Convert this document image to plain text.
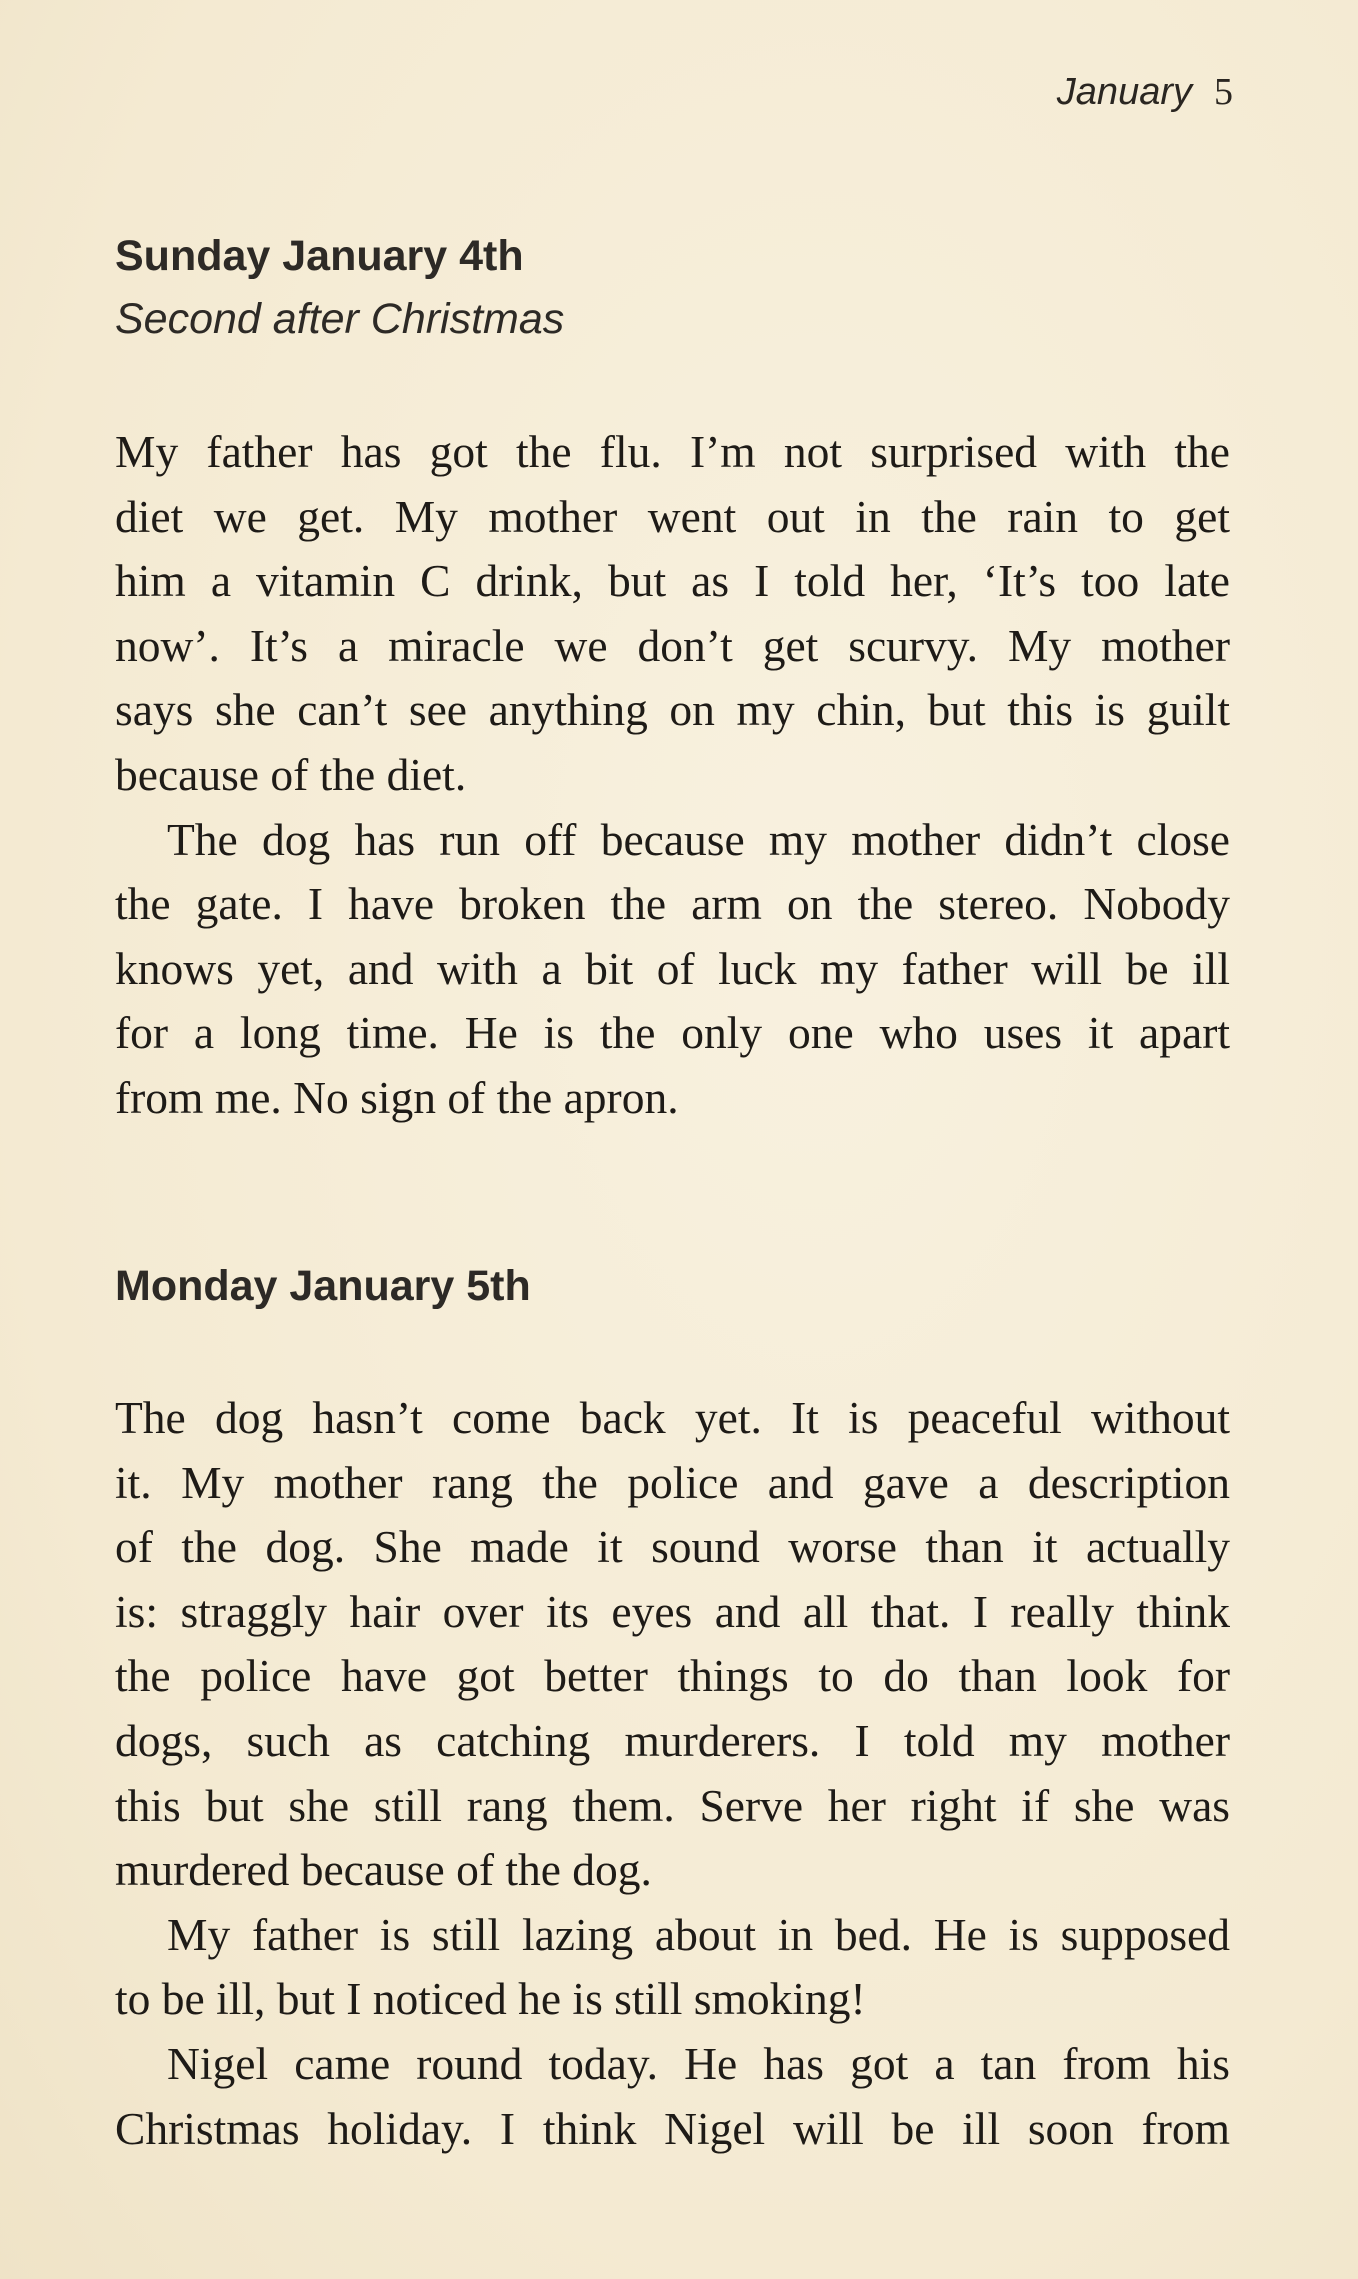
January 5
Sunday January 4th
Second after Christmas
My father has got the flu. I’m not surprised with the
diet we get. My mother went out in the rain to get
him a vitamin C drink, but as I told her, ‘It’s too late
now’. It’s a miracle we don’t get scurvy. My mother
says she can’t see anything on my chin, but this is guilt
because of the diet.
The dog has run off because my mother didn’t close
the gate. I have broken the arm on the stereo. Nobody
knows yet, and with a bit of luck my father will be ill
for a long time. He is the only one who uses it apart
from me. No sign of the apron.
Monday January 5th
The dog hasn’t come back yet. It is peaceful without
it. My mother rang the police and gave a description
of the dog. She made it sound worse than it actually
is: straggly hair over its eyes and all that. I really think
the police have got better things to do than look for
dogs, such as catching murderers. I told my mother
this but she still rang them. Serve her right if she was
murdered because of the dog.
My father is still lazing about in bed. He is supposed
to be ill, but I noticed he is still smoking!
Nigel came round today. He has got a tan from his
Christmas holiday. I think Nigel will be ill soon from
